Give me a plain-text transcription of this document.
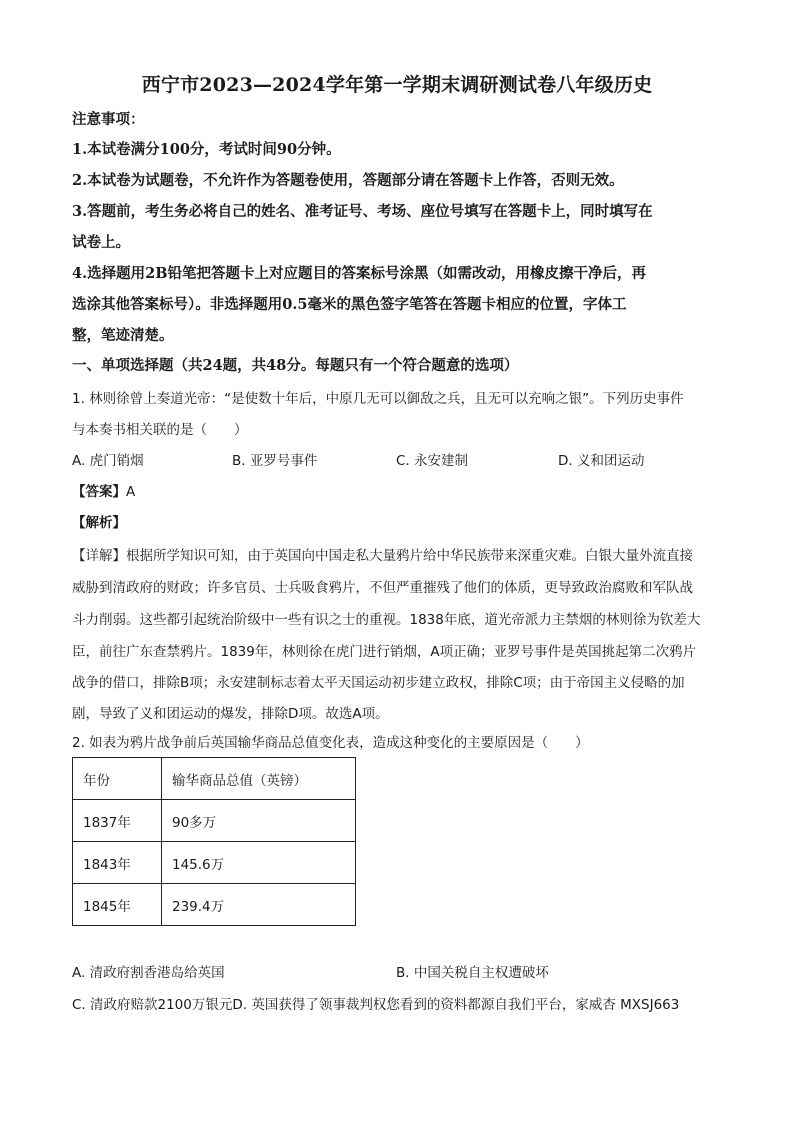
西宁市2023—2024学年第一学期末调研测试卷八年级历史
注意事项：
1.本试卷满分100分，考试时间90分钟。
2.本试卷为试题卷，不允许作为答题卷使用，答题部分请在答题卡上作答，否则无效。
3.答题前，考生务必将自己的姓名、准考证号、考场、座位号填写在答题卡上，同时填写在
试卷上。
4.选择题用2B铅笔把答题卡上对应题目的答案标号涂黑（如需改动，用橡皮擦干净后，再
选涂其他答案标号）。非选择题用0.5毫米的黑色签字笔答在答题卡相应的位置，字体工
整，笔迹清楚。
一、单项选择题（共24题，共48分。每题只有一个符合题意的选项）
1. 林则徐曾上奏道光帝：“是使数十年后，中原几无可以御敌之兵，且无可以充响之银”。下列历史事件
与本奏书相关联的是（　　）
A. 虎门销烟	B. 亚罗号事件	C. 永安建制	D. 义和团运动
【答案】A
【解析】
【详解】根据所学知识可知，由于英国向中国走私大量鸦片给中华民族带来深重灾难。白银大量外流直接
威胁到清政府的财政；许多官员、士兵吸食鸦片，不但严重摧残了他们的体质，更导致政治腐败和军队战
斗力削弱。这些都引起统治阶级中一些有识之士的重视。1838年底，道光帝派力主禁烟的林则徐为钦差大
臣，前往广东查禁鸦片。1839年，林则徐在虎门进行销烟，A项正确；亚罗号事件是英国挑起第二次鸦片
战争的借口，排除B项；永安建制标志着太平天国运动初步建立政权，排除C项；由于帝国主义侵略的加
剧，导致了义和团运动的爆发，排除D项。故选A项。
2. 如表为鸦片战争前后英国输华商品总值变化表，造成这种变化的主要原因是（　　）
年份	输华商品总值（英镑）
1837年	90多万
1843年	145.6万
1845年	239.4万
A. 清政府割香港岛给英国	B. 中国关税自主权遭破坏
C. 清政府赔款2100万银元D. 英国获得了领事裁判权您看到的资料都源自我们平台，家威杏 MXSJ663
